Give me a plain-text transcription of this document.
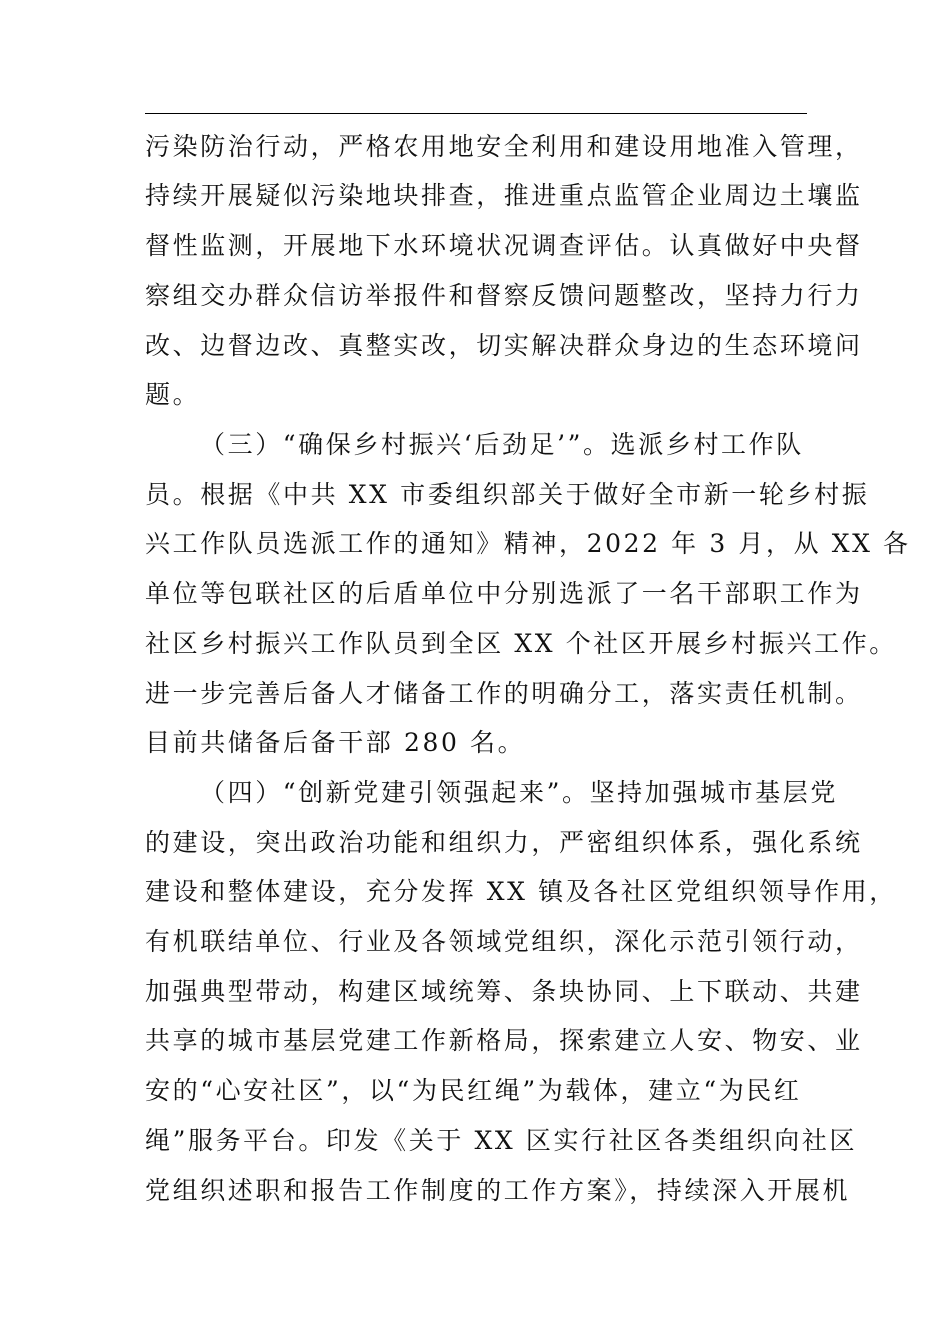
污染防治行动，严格农用地安全利用和建设用地准入管理，
持续开展疑似污染地块排查，推进重点监管企业周边土壤监
督性监测，开展地下水环境状况调查评估。认真做好中央督
察组交办群众信访举报件和督察反馈问题整改，坚持力行力
改、边督边改、真整实改，切实解决群众身边的生态环境问
题。
（三）“确保乡村振兴‘后劲足’”。选派乡村工作队
员。根据《中共 XX 市委组织部关于做好全市新一轮乡村振
兴工作队员选派工作的通知》精神，2022 年 3 月，从 XX 各
单位等包联社区的后盾单位中分别选派了一名干部职工作为
社区乡村振兴工作队员到全区 XX 个社区开展乡村振兴工作。
进一步完善后备人才储备工作的明确分工，落实责任机制。
目前共储备后备干部 280 名。
（四）“创新党建引领强起来”。坚持加强城市基层党
的建设，突出政治功能和组织力，严密组织体系，强化系统
建设和整体建设，充分发挥 XX 镇及各社区党组织领导作用，
有机联结单位、行业及各领域党组织，深化示范引领行动，
加强典型带动，构建区域统筹、条块协同、上下联动、共建
共享的城市基层党建工作新格局，探索建立人安、物安、业
安的“心安社区”，以“为民红绳”为载体，建立“为民红
绳”服务平台。印发《关于 XX 区实行社区各类组织向社区
党组织述职和报告工作制度的工作方案》，持续深入开展机
